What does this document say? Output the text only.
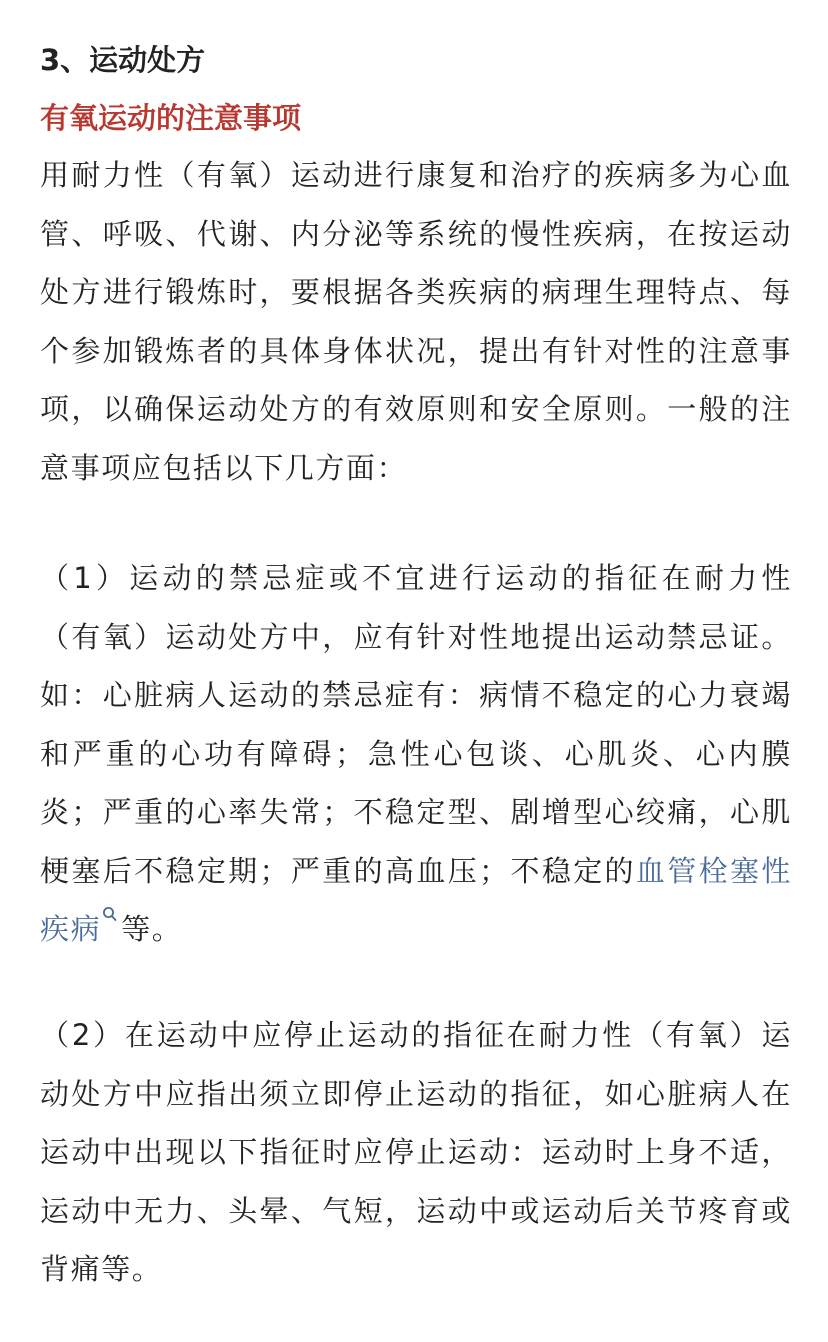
3、运动处方
有氧运动的注意事项

用耐力性（有氧）运动进行康复和治疗的疾病多为心血管、呼吸、代谢、内分泌等系统的慢性疾病，在按运动处方进行锻炼时，要根据各类疾病的病理生理特点、每个参加锻炼者的具体身体状况，提出有针对性的注意事项，以确保运动处方的有效原则和安全原则。一般的注意事项应包括以下几方面：

（1）运动的禁忌症或不宜进行运动的指征在耐力性（有氧）运动处方中，应有针对性地提出运动禁忌证。如：心脏病人运动的禁忌症有：病情不稳定的心力衰竭和严重的心功有障碍；急性心包谈、心肌炎、心内膜炎；严重的心率失常；不稳定型、剧增型心绞痛，心肌梗塞后不稳定期；严重的高血压；不稳定的血管栓塞性疾病 等。

（2）在运动中应停止运动的指征在耐力性（有氧）运动处方中应指出须立即停止运动的指征，如心脏病人在运动中出现以下指征时应停止运动：运动时上身不适，运动中无力、头晕、气短，运动中或运动后关节疼育或背痛等。
